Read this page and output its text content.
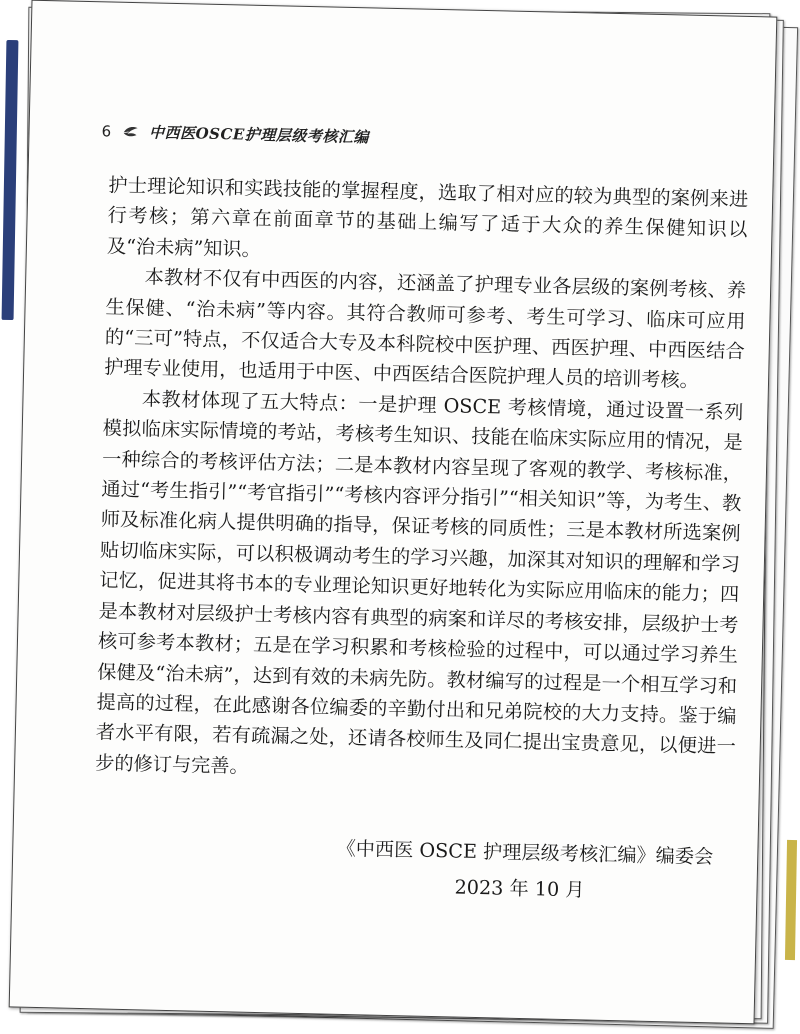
6	中西医OSCE护理层级考核汇编

护士理论知识和实践技能的掌握程度，选取了相对应的较为典型的案例来进行考核；第六章在前面章节的基础上编写了适于大众的养生保健知识以及“治未病”知识。

本教材不仅有中西医的内容，还涵盖了护理专业各层级的案例考核、养生保健、“治未病”等内容。其符合教师可参考、考生可学习、临床可应用的“三可”特点，不仅适合大专及本科院校中医护理、西医护理、中西医结合护理专业使用，也适用于中医、中西医结合医院护理人员的培训考核。

本教材体现了五大特点：一是护理 OSCE 考核情境，通过设置一系列模拟临床实际情境的考站，考核考生知识、技能在临床实际应用的情况，是一种综合的考核评估方法；二是本教材内容呈现了客观的教学、考核标准，通过“考生指引”“考官指引”“考核内容评分指引”“相关知识”等，为考生、教师及标准化病人提供明确的指导，保证考核的同质性；三是本教材所选案例贴切临床实际，可以积极调动考生的学习兴趣，加深其对知识的理解和学习记忆，促进其将书本的专业理论知识更好地转化为实际应用临床的能力；四是本教材对层级护士考核内容有典型的病案和详尽的考核安排，层级护士考核可参考本教材；五是在学习积累和考核检验的过程中，可以通过学习养生保健及“治未病”，达到有效的未病先防。教材编写的过程是一个相互学习和提高的过程，在此感谢各位编委的辛勤付出和兄弟院校的大力支持。鉴于编者水平有限，若有疏漏之处，还请各校师生及同仁提出宝贵意见，以便进一步的修订与完善。

《中西医 OSCE 护理层级考核汇编》编委会
2023 年 10 月
